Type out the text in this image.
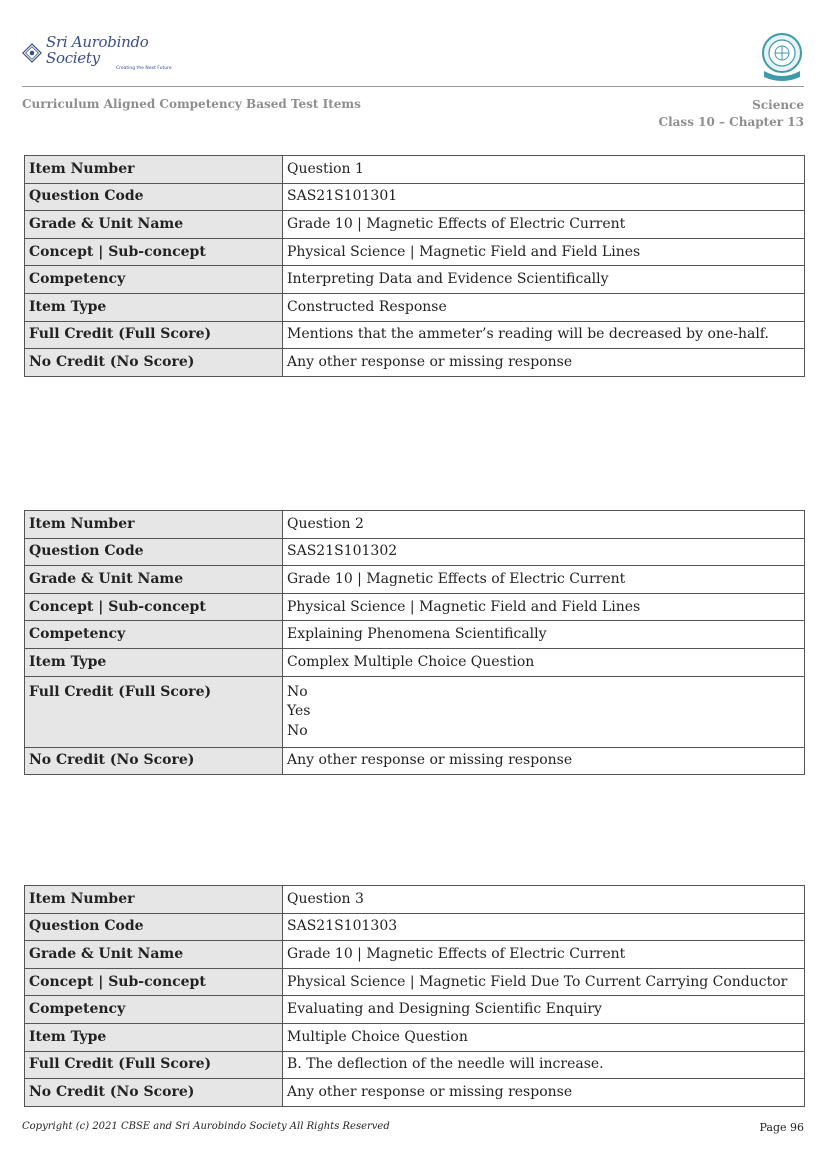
Sri Aurobindo Society
Creating the Next Future
Curriculum Aligned Competency Based Test Items	Science
Class 10 – Chapter 13
Item Number	Question 1
Question Code	SAS21S101301
Grade & Unit Name	Grade 10 | Magnetic Effects of Electric Current
Concept | Sub-concept	Physical Science | Magnetic Field and Field Lines
Competency	Interpreting Data and Evidence Scientifically
Item Type	Constructed Response
Full Credit (Full Score)	Mentions that the ammeter’s reading will be decreased by one-half.
No Credit (No Score)	Any other response or missing response
Item Number	Question 2
Question Code	SAS21S101302
Grade & Unit Name	Grade 10 | Magnetic Effects of Electric Current
Concept | Sub-concept	Physical Science | Magnetic Field and Field Lines
Competency	Explaining Phenomena Scientifically
Item Type	Complex Multiple Choice Question
Full Credit (Full Score)	No
Yes
No

No Credit (No Score)	Any other response or missing response
Item Number	Question 3
Question Code	SAS21S101303
Grade & Unit Name	Grade 10 | Magnetic Effects of Electric Current
Concept | Sub-concept	Physical Science | Magnetic Field Due To Current Carrying Conductor
Competency	Evaluating and Designing Scientific Enquiry
Item Type	Multiple Choice Question
Full Credit (Full Score)	B. The deflection of the needle will increase.
No Credit (No Score)	Any other response or missing response
Copyright (c) 2021 CBSE and Sri Aurobindo Society All Rights Reserved	Page 96
